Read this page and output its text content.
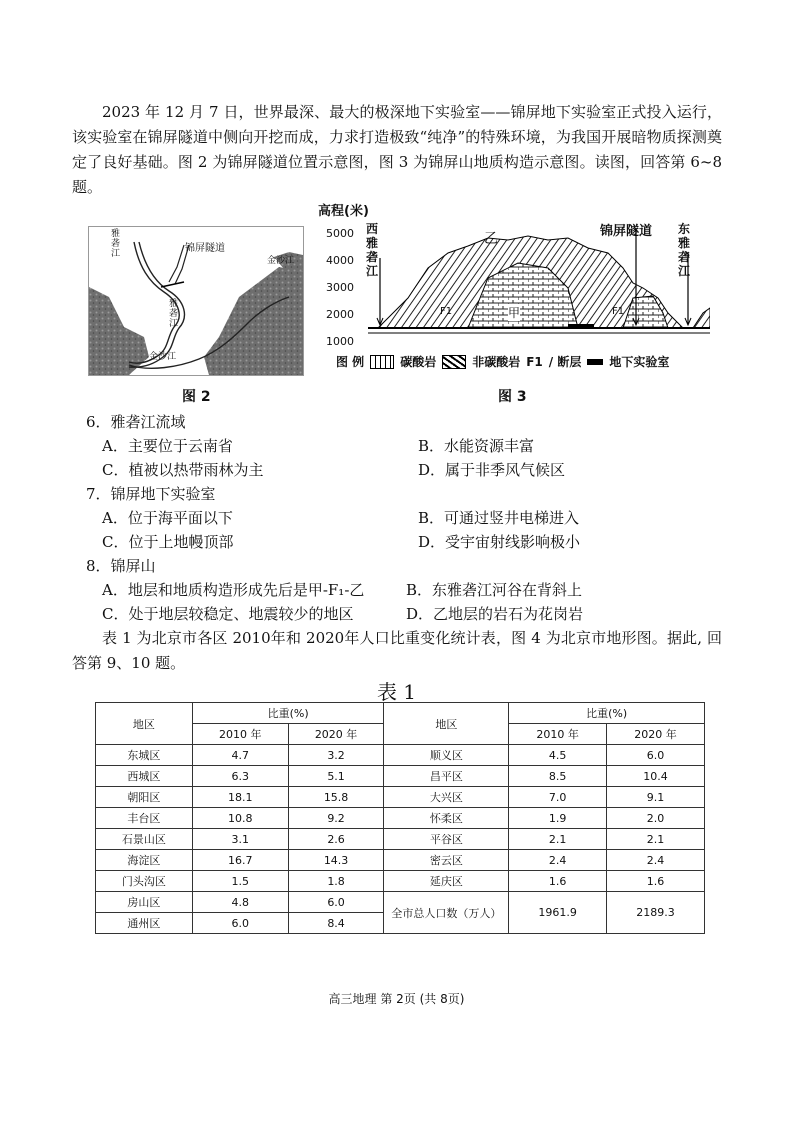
2023 年 12 月 7 日，世界最深、最大的极深地下实验室——锦屏地下实验室正式投入运行，该实验室在锦屏隧道中侧向开挖而成，力求打造极致“纯净”的特殊环境，为我国开展暗物质探测奠定了良好基础。图 2 为锦屏隧道位置示意图，图 3 为锦屏山地质构造示意图。读图，回答第 6~8 题。
雅砻江	锦屏隧道
金沙江
雅砻江
金沙江
图 2
高程(米)
5000
4000
3000
2000
1000
西雅砻江
东雅砻江
锦屏隧道
乙
甲
F1	F1
图 例	碳酸岩	非碳酸岩 F1 / 断层 地下实验室
图 3
6．雅砻江流域
A．主要位于云南省	B．水能资源丰富
C．植被以热带雨林为主	D．属于非季风气候区
7．锦屏地下实验室
A．位于海平面以下	B．可通过竖井电梯进入
C．位于上地幔顶部	D．受宇宙射线影响极小
8．锦屏山
A．地层和地质构造形成先后是甲-F₁-乙	B．东雅砻江河谷在背斜上
C．处于地层较稳定、地震较少的地区	D．乙地层的岩石为花岗岩
表 1 为北京市各区 2010年和 2020年人口比重变化统计表，图 4 为北京市地形图。据此, 回答第 9、10 题。
表 1
地区	比重(%)		地区	比重(%)	
	2010 年	2020 年		2010 年	2020 年
东城区	4.7	3.2	顺义区	4.5	6.0
西城区	6.3	5.1	昌平区	8.5	10.4
朝阳区	18.1	15.8	大兴区	7.0	9.1
丰台区	10.8	9.2	怀柔区	1.9	2.0
石景山区	3.1	2.6	平谷区	2.1	2.1
海淀区	16.7	14.3	密云区	2.4	2.4
门头沟区	1.5	1.8	延庆区	1.6	1.6
房山区	4.8	6.0	全市总人口数（万人）	1961.9	2189.3
通州区	6.0	8.4			
高三地理 第 2页 (共 8页)
